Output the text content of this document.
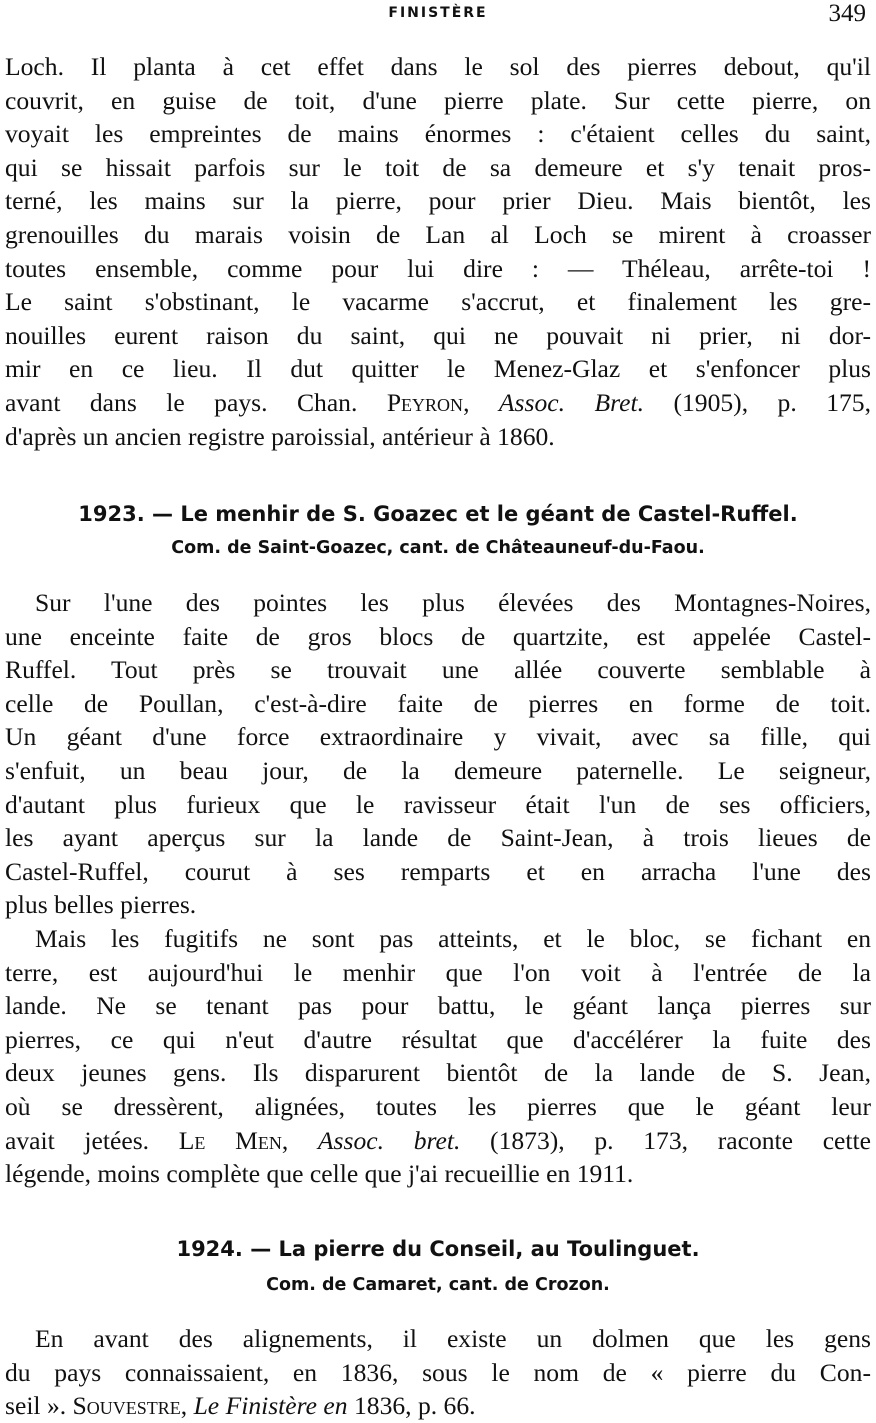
FINISTÈRE	349
Loch. Il planta à cet effet dans le sol des pierres debout, qu'il
couvrit, en guise de toit, d'une pierre plate. Sur cette pierre, on
voyait les empreintes de mains énormes : c'étaient celles du saint,
qui se hissait parfois sur le toit de sa demeure et s'y tenait pros-
terné, les mains sur la pierre, pour prier Dieu. Mais bientôt, les
grenouilles du marais voisin de Lan al Loch se mirent à croasser
toutes ensemble, comme pour lui dire : — Théleau, arrête-toi !
Le saint s'obstinant, le vacarme s'accrut, et finalement les gre-
nouilles eurent raison du saint, qui ne pouvait ni prier, ni dor-
mir en ce lieu. Il dut quitter le Menez-Glaz et s'enfoncer plus
avant dans le pays. Chan. Peyron, Assoc. Bret. (1905), p. 175,
d'après un ancien registre paroissial, antérieur à 1860.
1923. — Le menhir de S. Goazec et le géant de Castel-Ruffel.
Com. de Saint-Goazec, cant. de Châteauneuf-du-Faou.
Sur l'une des pointes les plus élevées des Montagnes-Noires,
une enceinte faite de gros blocs de quartzite, est appelée Castel-
Ruffel. Tout près se trouvait une allée couverte semblable à
celle de Poullan, c'est-à-dire faite de pierres en forme de toit.
Un géant d'une force extraordinaire y vivait, avec sa fille, qui
s'enfuit, un beau jour, de la demeure paternelle. Le seigneur,
d'autant plus furieux que le ravisseur était l'un de ses officiers,
les ayant aperçus sur la lande de Saint-Jean, à trois lieues de
Castel-Ruffel, courut à ses remparts et en arracha l'une des
plus belles pierres.
Mais les fugitifs ne sont pas atteints, et le bloc, se fichant en
terre, est aujourd'hui le menhir que l'on voit à l'entrée de la
lande. Ne se tenant pas pour battu, le géant lança pierres sur
pierres, ce qui n'eut d'autre résultat que d'accélérer la fuite des
deux jeunes gens. Ils disparurent bientôt de la lande de S. Jean,
où se dressèrent, alignées, toutes les pierres que le géant leur
avait jetées. Le Men, Assoc. bret. (1873), p. 173, raconte cette
légende, moins complète que celle que j'ai recueillie en 1911.
1924. — La pierre du Conseil, au Toulinguet.
Com. de Camaret, cant. de Crozon.
En avant des alignements, il existe un dolmen que les gens
du pays connaissaient, en 1836, sous le nom de « pierre du Con-
seil ». Souvestre, Le Finistère en 1836, p. 66.
